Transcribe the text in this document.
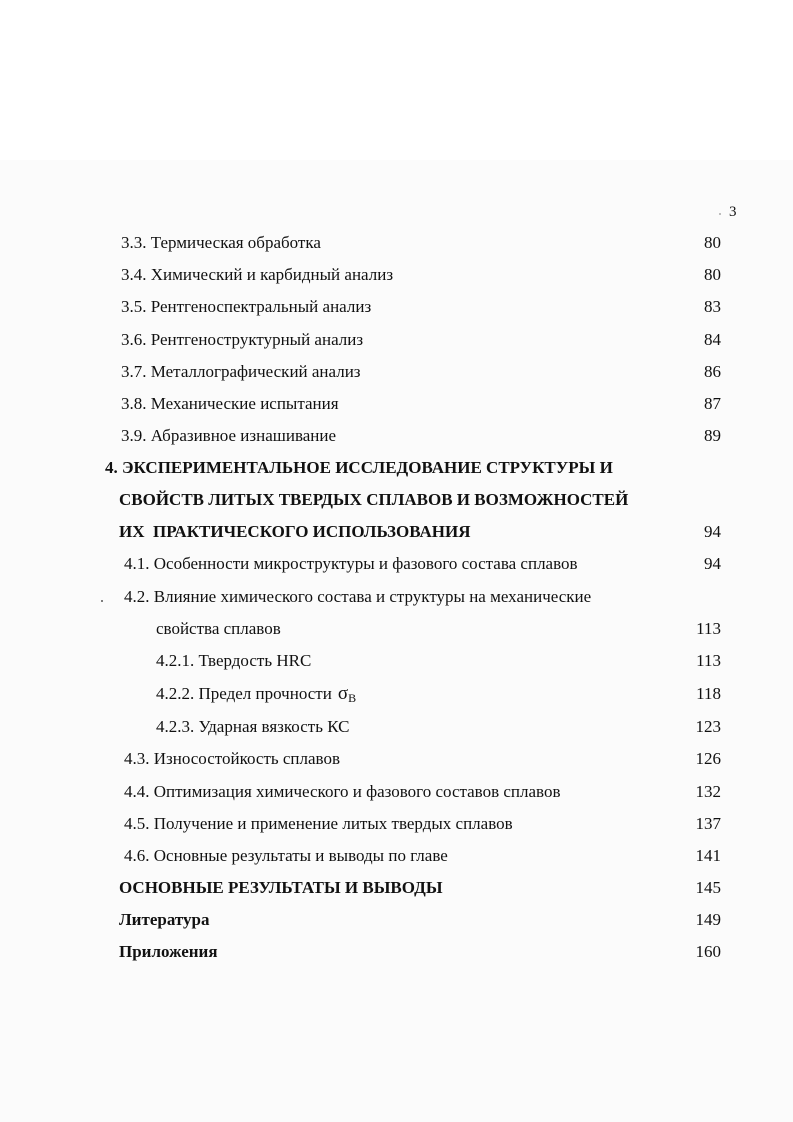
3
3.3. Термическая обработка	80
3.4. Химический и карбидный анализ	80
3.5. Рентгеноспектральный анализ	83
3.6. Рентгеноструктурный анализ	84
3.7. Металлографический анализ	86
3.8. Механические испытания	87
3.9. Абразивное изнашивание	89
4. ЭКСПЕРИМЕНТАЛЬНОЕ ИССЛЕДОВАНИЕ СТРУКТУРЫ И
СВОЙСТВ ЛИТЫХ ТВЕРДЫХ СПЛАВОВ И ВОЗМОЖНОСТЕЙ
ИХ  ПРАКТИЧЕСКОГО ИСПОЛЬЗОВАНИЯ	94
4.1. Особенности микроструктуры и фазового состава сплавов	94
4.2. Влияние химического состава и структуры на механические
свойства сплавов	113
4.2.1. Твердость HRC	113
4.2.2. Предел прочности $\sigma_B$	118
4.2.3. Ударная вязкость КС	123
4.3. Износостойкость сплавов	126
4.4. Оптимизация химического и фазового составов сплавов	132
4.5. Получение и применение литых твердых сплавов	137
4.6. Основные результаты и выводы по главе	141
ОСНОВНЫЕ РЕЗУЛЬТАТЫ И ВЫВОДЫ	145
Литература	149
Приложения	160
